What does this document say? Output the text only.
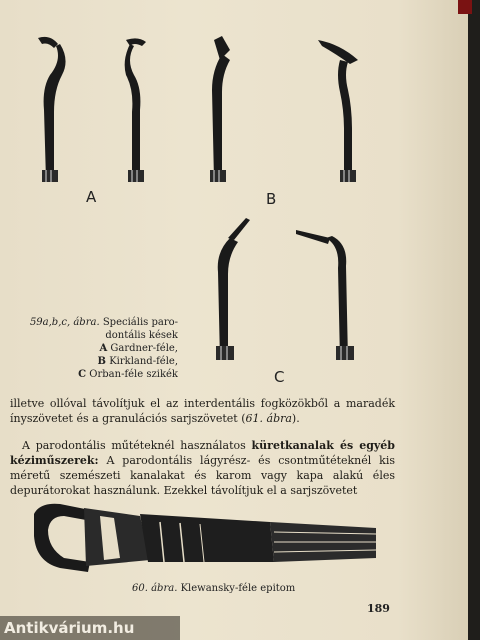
A	B
C
59a,b,c, ábra. Speciális paro-
dontális kések
A Gardner-féle,
B Kirkland-féle,
C Orban-féle szikék
illetve ollóval távolítjuk el az interdentális fogközökből a maradék ínyszövetet és a granulációs sarjszövetet (61. ábra).
A parodontális műtéteknél használatos küretkanalak és egyéb kéziműszerek: A parodontális lágyrész- és csontműtéteknél kis méretű szemészeti kanalakat és karom vagy kapa alakú éles depurátorokat használunk. Ezekkel távolítjuk el a sarjszövetet
60. ábra. Klewansky-féle epitom
189
Antikvárium.hu
